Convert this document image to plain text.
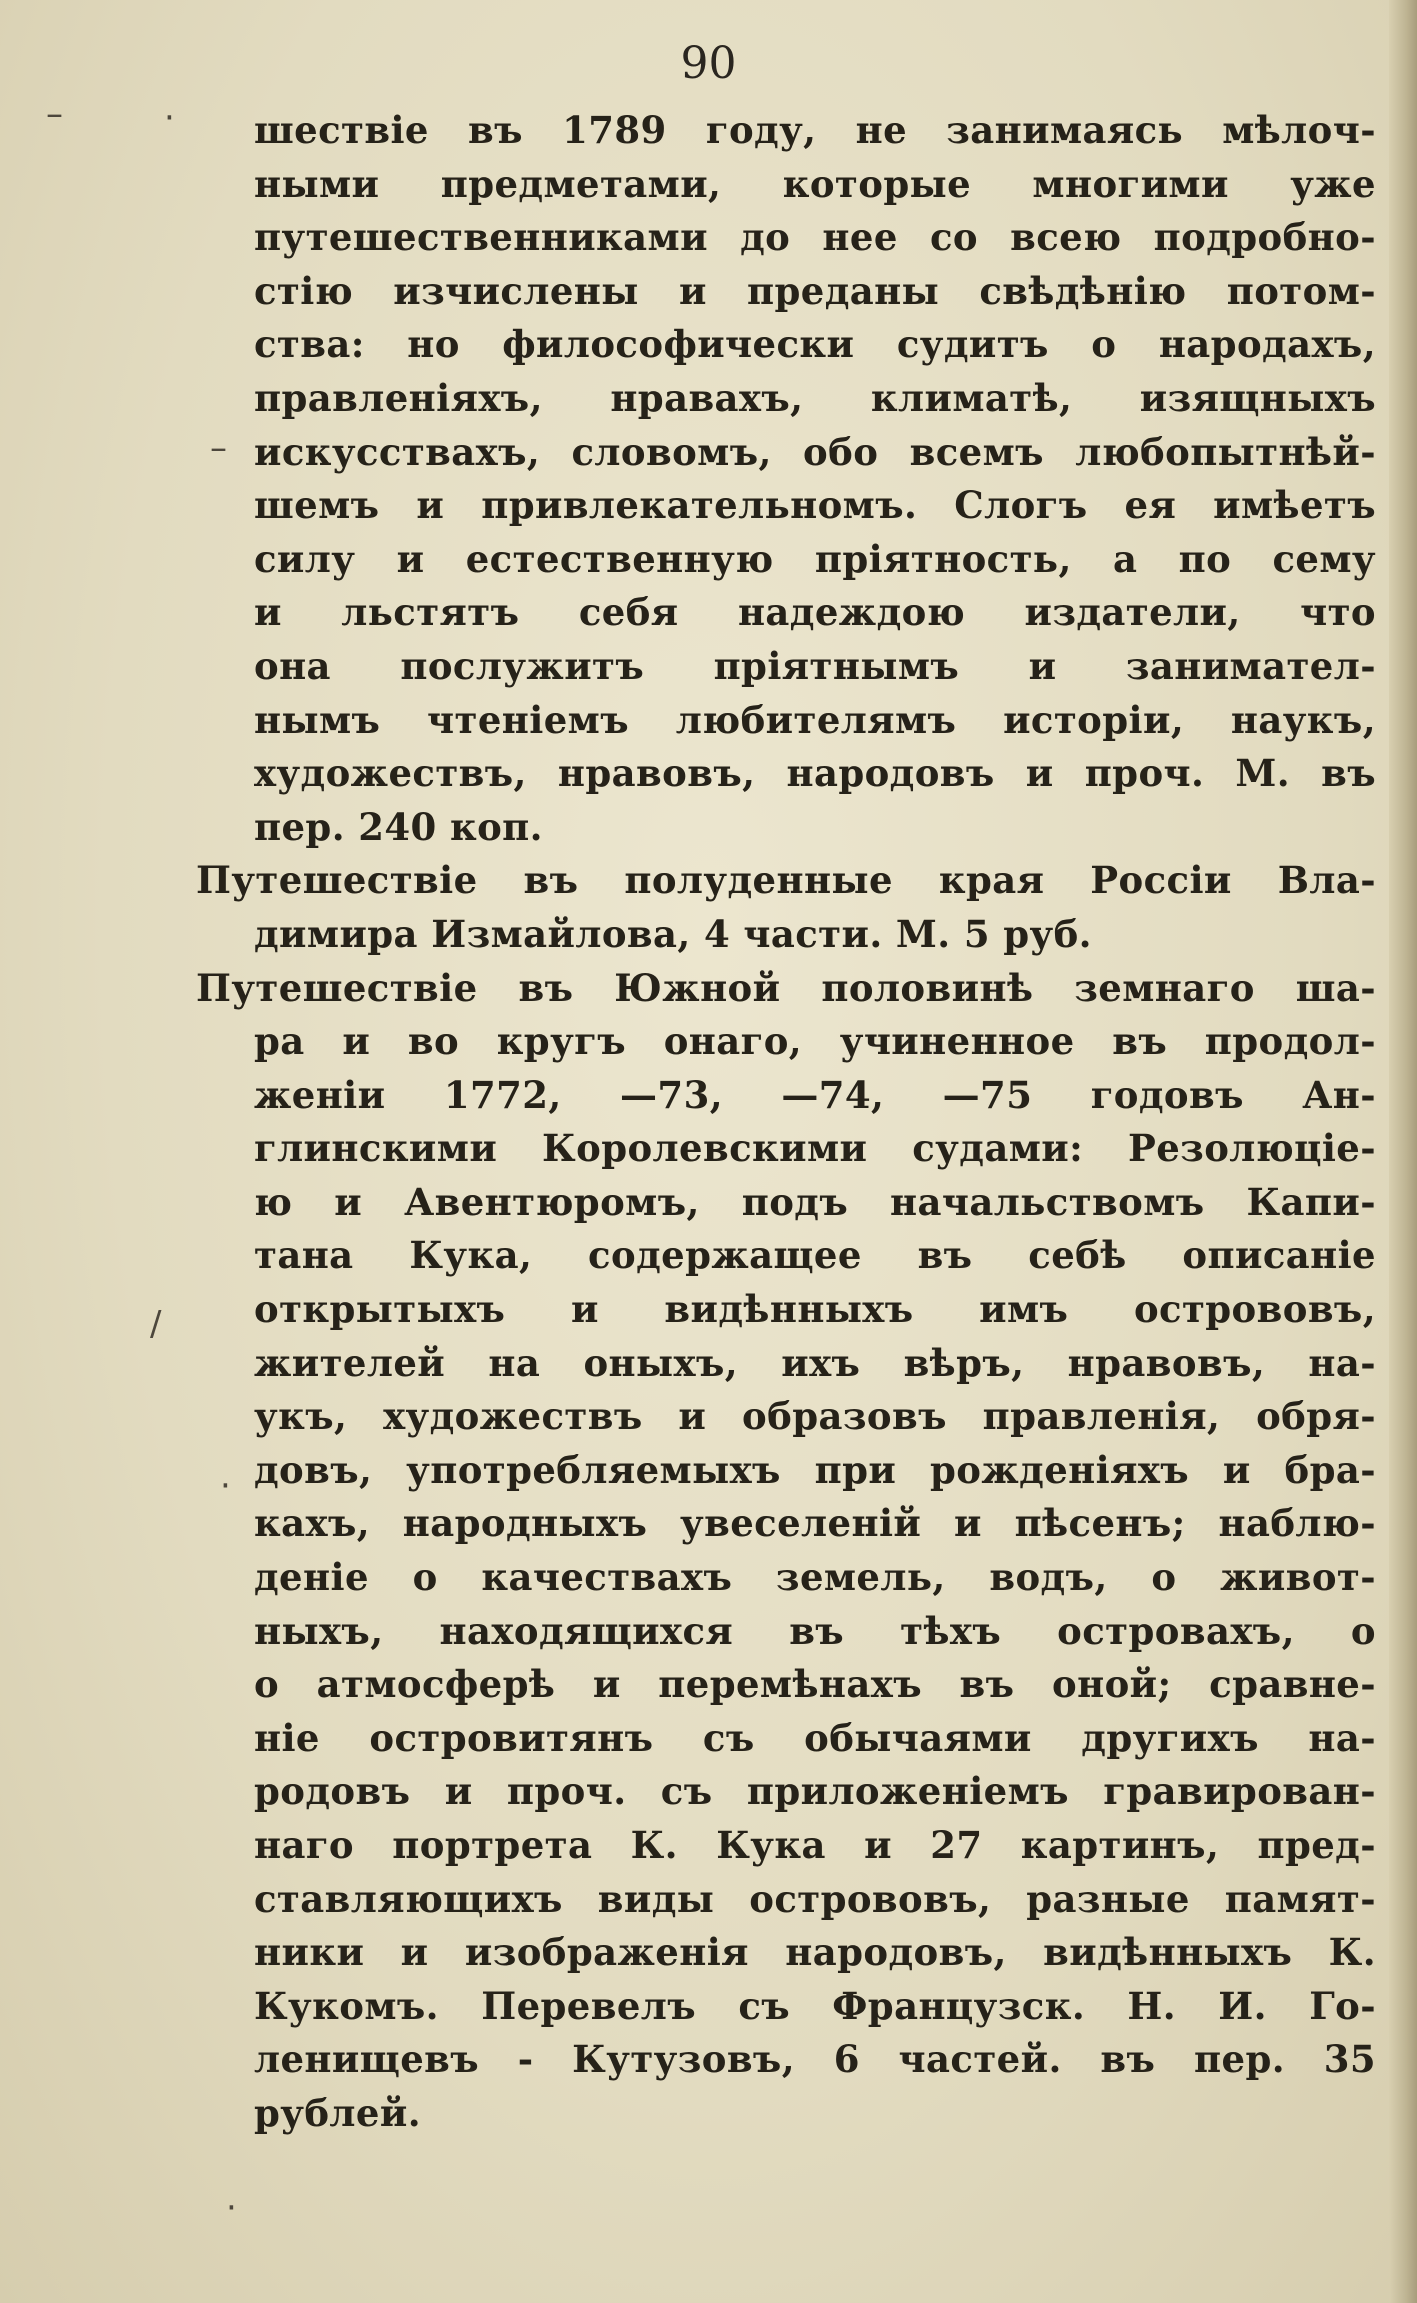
90
–	·
–
/
·
·
шествіе въ 1789 году, не занимаясь мѣлоч-
ными предметами, которые многими уже
путешественниками до нее со всею подробно-
стію изчислены и преданы свѣдѣнію потом-
ства: но философически судитъ о народахъ,
правленіяхъ, нравахъ, климатѣ, изящныхъ
искусствахъ, словомъ, обо всемъ любопытнѣй-
шемъ и привлекательномъ. Слогъ ея имѣетъ
силу и естественную пріятность, а по сему
и льстятъ себя надеждою издатели, что
она послужитъ пріятнымъ и занимател-
нымъ чтеніемъ любителямъ исторіи, наукъ,
художествъ, нравовъ, народовъ и проч. М. въ
пер. 240 коп.
Путешествіе въ полуденные края Россіи Вла-
димира Измайлова, 4 части. М. 5 руб.
Путешествіе въ Южной половинѣ земнаго ша-
ра и во кругъ онаго, учиненное въ продол-
женіи 1772, —73, —74, —75 годовъ Ан-
глинскими Королевскими судами: Резолюціе-
ю и Авентюромъ, подъ начальствомъ Капи-
тана Кука, содержащее въ себѣ описаніе
открытыхъ и видѣнныхъ имъ острововъ,
жителей на оныхъ, ихъ вѣръ, нравовъ, на-
укъ, художествъ и образовъ правленія, обря-
довъ, употребляемыхъ при рожденіяхъ и бра-
кахъ, народныхъ увеселеній и пѣсенъ; наблю-
деніе о качествахъ земель, водъ, о живот-
ныхъ, находящихся въ тѣхъ островахъ, о
о атмосферѣ и перемѣнахъ въ оной; сравне-
ніе островитянъ съ обычаями другихъ на-
родовъ и проч. съ приложеніемъ гравирован-
наго портрета К. Кука и 27 картинъ, пред-
ставляющихъ виды острововъ, разные памят-
ники и изображенія народовъ, видѣнныхъ К.
Кукомъ. Перевелъ съ Французск. Н. И. Го-
ленищевъ - Кутузовъ, 6 частей. въ пер. 35
рублей.
